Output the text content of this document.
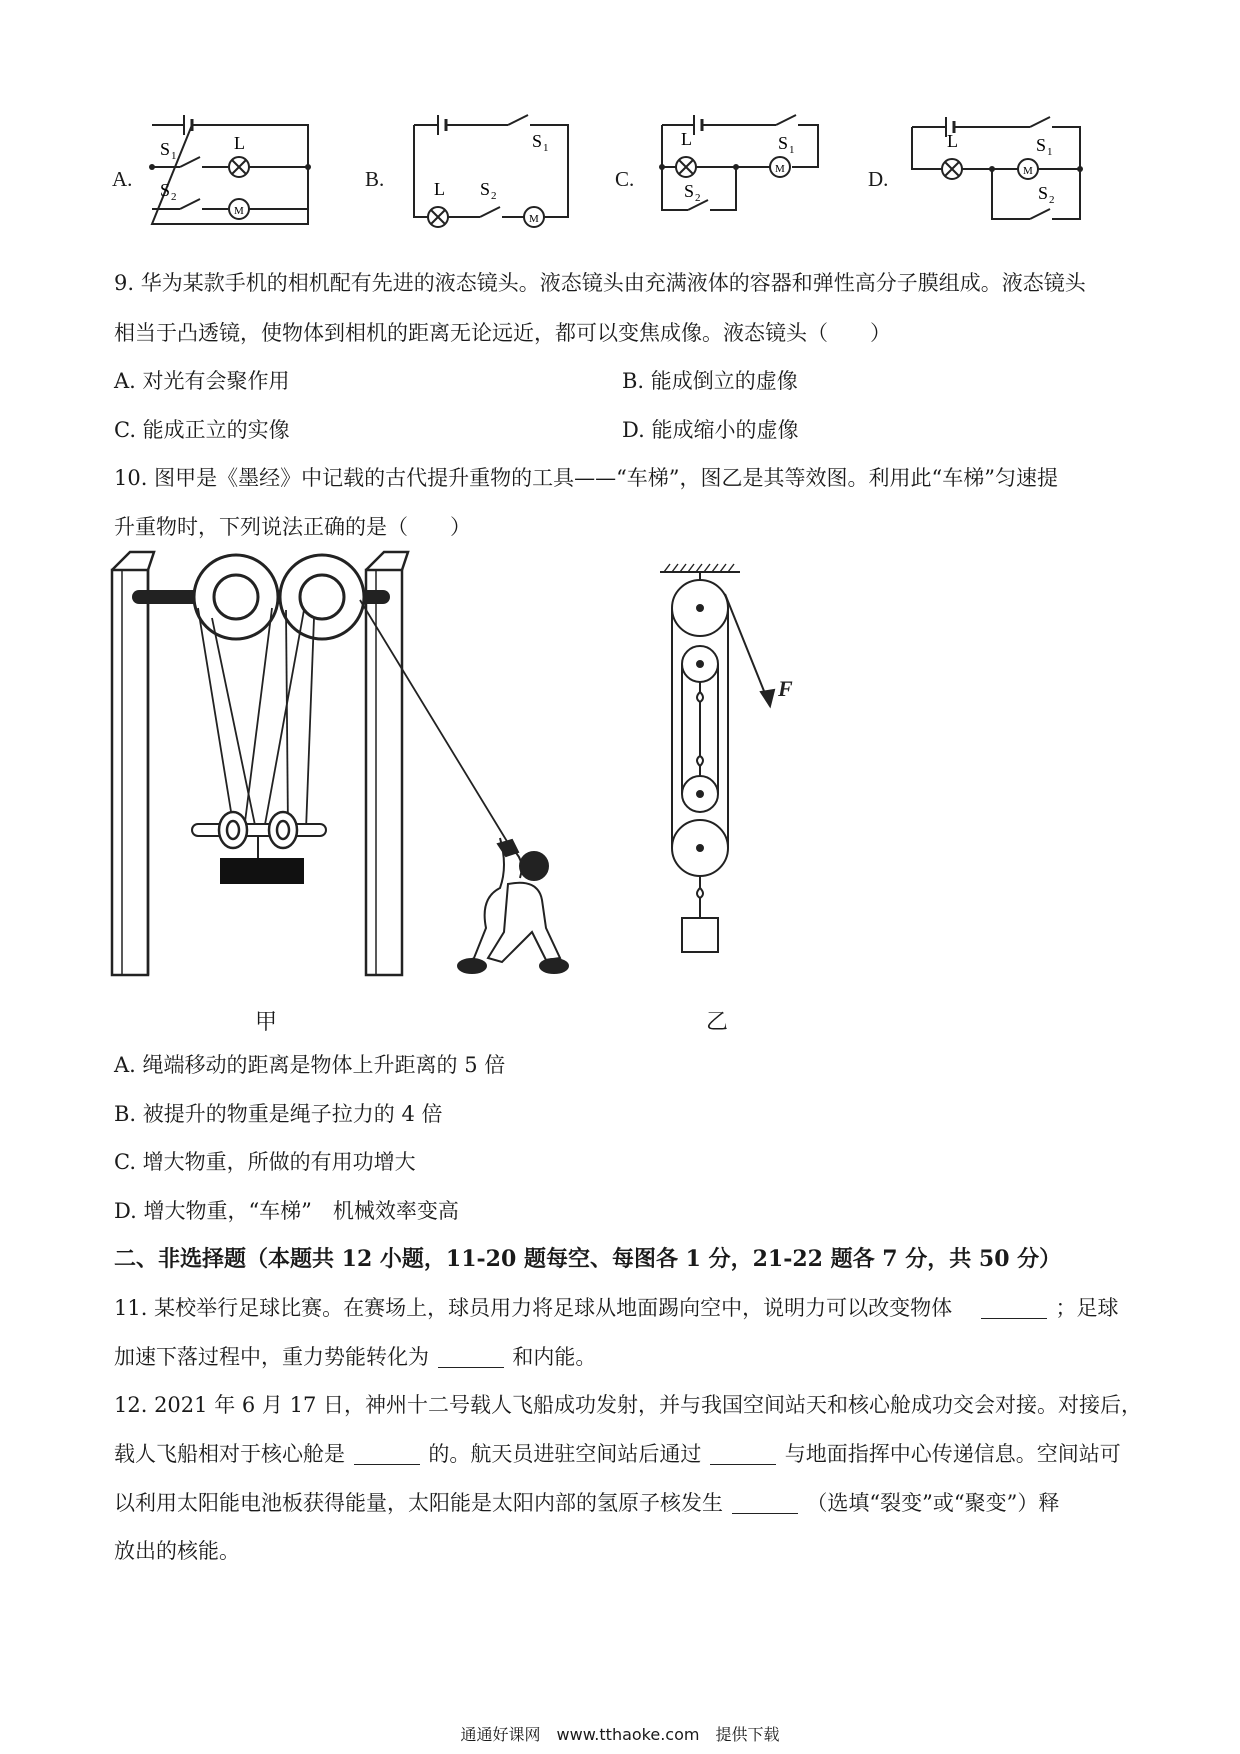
A.
M
S 1
L
S 2
B.
M
S 1
L S 2
C.	M
S 1
L
S 2
D.	M
S 1
L
S 2
9. 华为某款手机的相机配有先进的液态镜头。液态镜头由充满液体的容器和弹性高分子膜组成。液态镜头
相当于凸透镜，使物体到相机的距离无论远近，都可以变焦成像。液态镜头（　　）
A. 对光有会聚作用	B. 能成倒立的虚像
C. 能成正立的实像	D. 能成缩小的虚像
10. 图甲是《墨经》中记载的古代提升重物的工具——“车梯”，图乙是其等效图。利用此“车梯”匀速提
升重物时，下列说法正确的是（　　）
甲
F
乙
A. 绳端移动的距离是物体上升距离的 5 倍
B. 被提升的物重是绳子拉力的 4 倍
C. 增大物重，所做的有用功增大
D. 增大物重，“车梯”　机械效率变高
二、非选择题（本题共 12 小题，11-20 题每空、每图各 1 分，21-22 题各 7 分，共 50 分）
11. 某校举行足球比赛。在赛场上，球员用力将足球从地面踢向空中，说明力可以改变物体	；足球
加速下落过程中，重力势能转化为	和内能。
12. 2021 年 6 月 17 日，神州十二号载人飞船成功发射，并与我国空间站天和核心舱成功交会对接。对接后，
载人飞船相对于核心舱是	的。航天员进驻空间站后通过	与地面指挥中心传递信息。空间站可
以利用太阳能电池板获得能量，太阳能是太阳内部的氢原子核发生	（选填“裂变”或“聚变”）释
放出的核能。
通通好课网　www.tthaoke.com　提供下载
